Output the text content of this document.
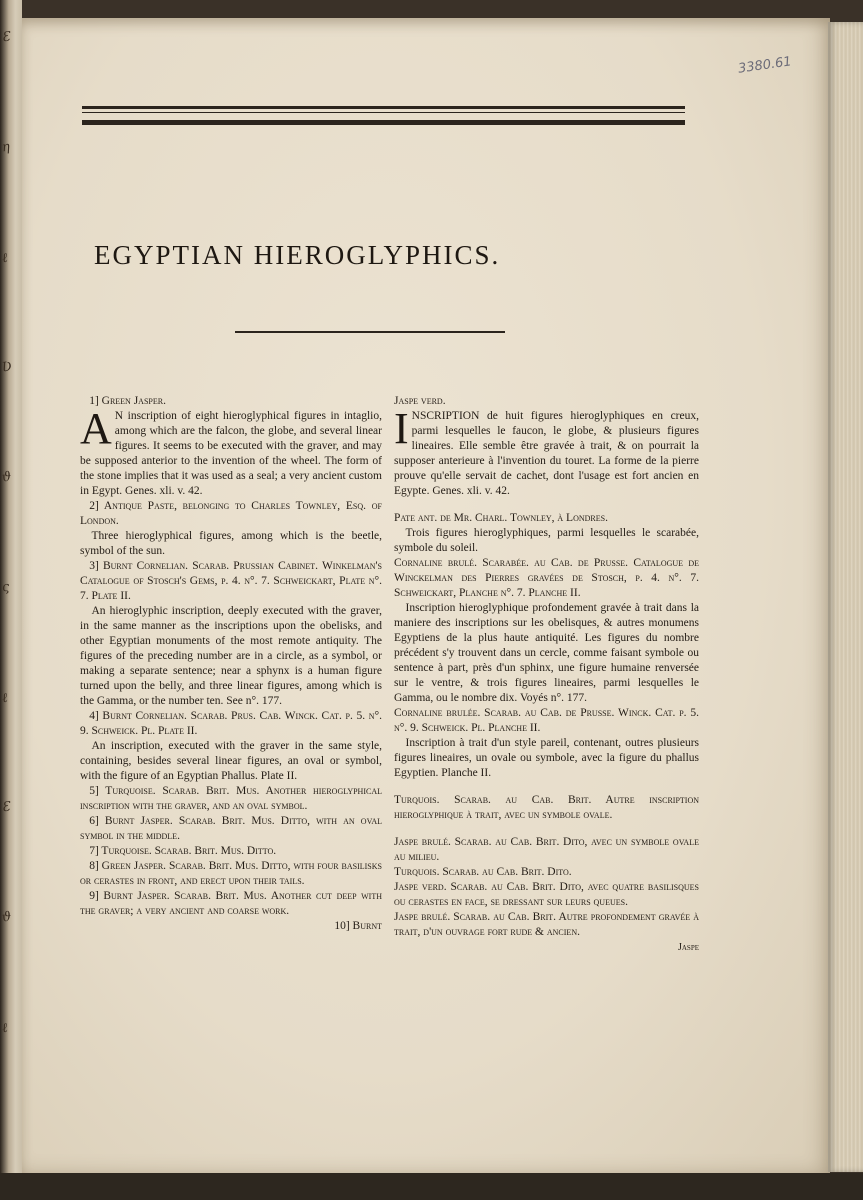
Ɛ
η
ℓ
Ʋ
ϑ
ς
ℓ
Ɛ
ϑ
ℓ
EGYPTIAN HIEROGLYPHICS.

1] Green Jasper.

A N inscription of eight hieroglyphical figures in intaglio, among which are the falcon, the globe, and several linear figures. It seems to be executed with the graver, and may be supposed anterior to the invention of the wheel. The form of the stone implies that it was used as a seal; a very ancient custom in Egypt. Genes. xli. v. 42.

2] Antique Paste, belonging to Charles Townley, Esq. of London.

Three hieroglyphical figures, among which is the beetle, symbol of the sun.

3] Burnt Cornelian. Scarab. Prussian Cabinet. Winkelman's Catalogue of Stosch's Gems, p. 4. n°. 7. Schweickart, Plate n°. 7. Plate II.

An hieroglyphic inscription, deeply executed with the graver, in the same manner as the inscriptions upon the obelisks, and other Egyptian monuments of the most remote antiquity. The figures of the preceding number are in a circle, as a symbol, or making a separate sentence; near a sphynx is a human figure turned upon the belly, and three linear figures, among which is the Gamma, or the number ten. See n°. 177.

4] Burnt Cornelian. Scarab. Prus. Cab. Winck. Cat. p. 5. n°. 9. Schweick. Pl. Plate II.

An inscription, executed with the graver in the same style, containing, besides several linear figures, an oval or symbol, with the figure of an Egyptian Phallus. Plate II.

5] Turquoise. Scarab. Brit. Mus. Another hieroglyphical inscription with the graver, and an oval symbol.

6] Burnt Jasper. Scarab. Brit. Mus. Ditto, with an oval symbol in the middle.

7] Turquoise. Scarab. Brit. Mus. Ditto.

8] Green Jasper. Scarab. Brit. Mus. Ditto, with four basilisks or cerastes in front, and erect upon their tails.

9] Burnt Jasper. Scarab. Brit. Mus. Another cut deep with the graver; a very ancient and coarse work.

10] Burnt

Jaspe verd.

INSCRIPTION de huit figures hieroglyphiques en creux, parmi lesquelles le faucon, le globe, & plusieurs figures lineaires. Elle semble être gravée à trait, & on pourrait la supposer anterieure à l'invention du touret. La forme de la pierre prouve qu'elle servait de cachet, dont l'usage est fort ancien en Egypte. Genes. xli. v. 42.

Pate ant. de Mr. Charl. Townley, à Londres.

Trois figures hieroglyphiques, parmi lesquelles le scarabée, symbole du soleil.

Cornaline brulé. Scarabée. au Cab. de Prusse. Catalogue de Winckelman des Pierres gravées de Stosch, p. 4. n°. 7. Schweickart, Planche n°. 7. Planche II.

Inscription hieroglyphique profondement gravée à trait dans la maniere des inscriptions sur les obelisques, & autres monumens Egyptiens de la plus haute antiquité. Les figures du nombre précédent s'y trouvent dans un cercle, comme faisant symbole ou sentence à part, près d'un sphinx, une figure humaine renversée sur le ventre, & trois figures lineaires, parmi lesquelles le Gamma, ou le nombre dix. Voyés n°. 177.

Cornaline brulée. Scarab. au Cab. de Prusse. Winck. Cat. p. 5. n°. 9. Schweick. Pl. Planche II.

Inscription à trait d'un style pareil, contenant, outres plusieurs figures lineaires, un ovale ou symbole, avec la figure du phallus Egyptien. Planche II.

Turquois. Scarab. au Cab. Brit. Autre inscription hieroglyphique à trait, avec un symbole ovale.

Jaspe brulé. Scarab. au Cab. Brit. Dito, avec un symbole ovale au milieu.

Turquois. Scarab. au Cab. Brit. Dito.

Jaspe verd. Scarab. au Cab. Brit. Dito, avec quatre basilisques ou cerastes en face, se dressant sur leurs queues.

Jaspe brulé. Scarab. au Cab. Brit. Autre profondement gravée à trait, d'un ouvrage fort rude & ancien.

Jaspe

3380.61
